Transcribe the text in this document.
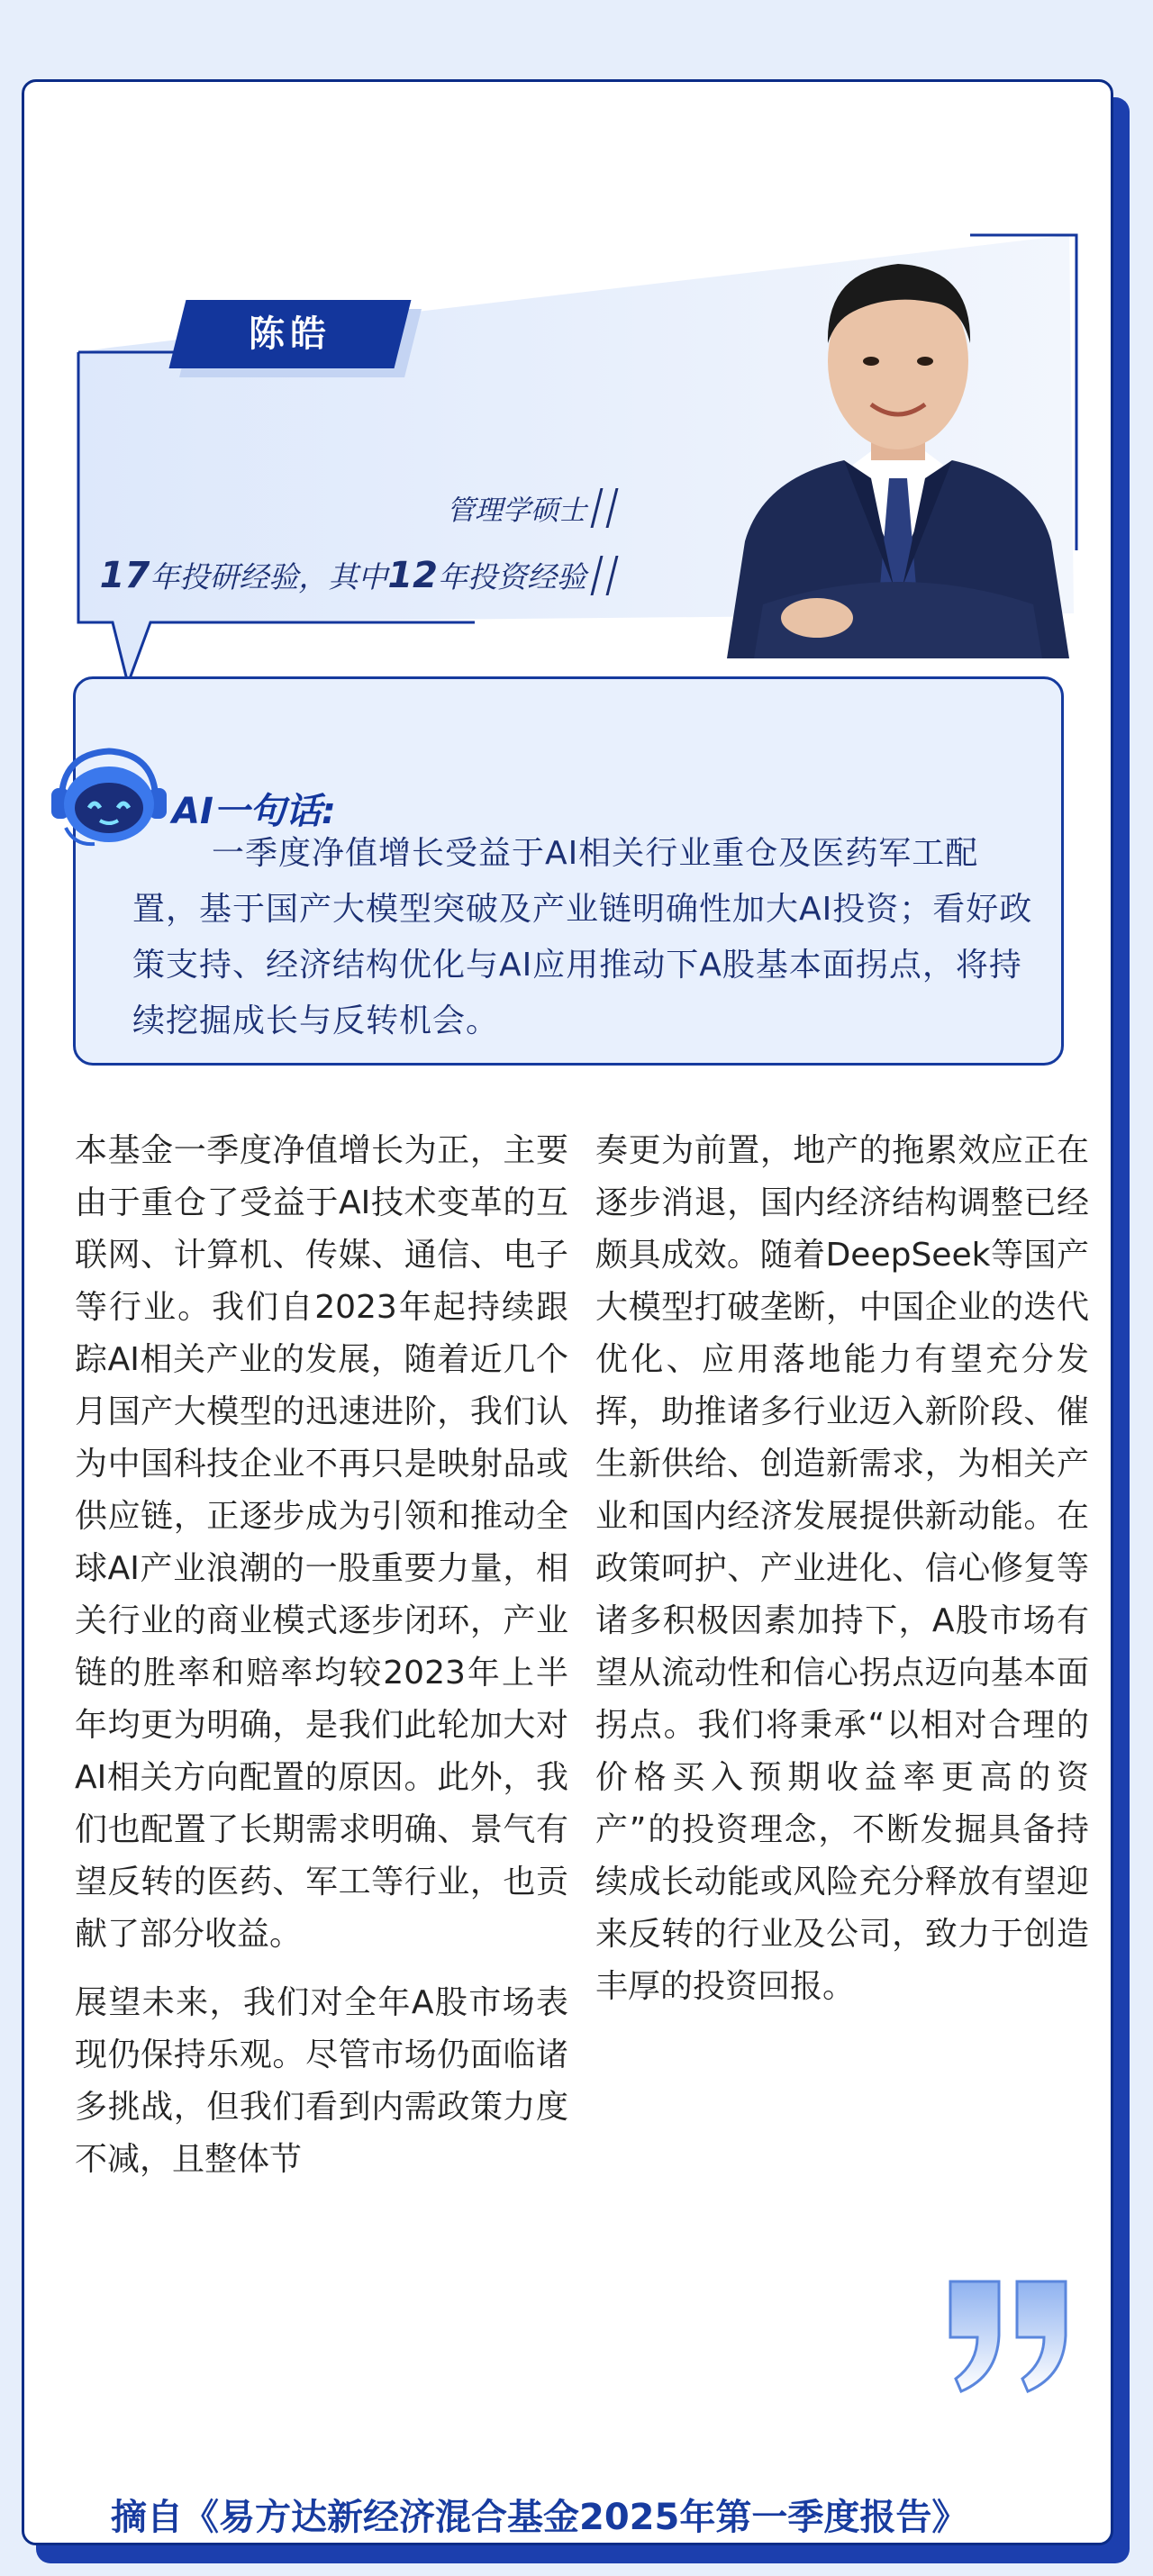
陈皓
管理学硕士
17 年投研经验，其中 12 年投资经验
AI一句话:
一季度净值增长受益于AI相关行业重仓及医药军工配置，基于国产大模型突破及产业链明确性加大AI投资；看好政策支持、经济结构优化与AI应用推动下A股基本面拐点，将持续挖掘成长与反转机会。

本基金一季度净值增长为正，主要由于重仓了受益于AI技术变革的互联网、计算机、传媒、通信、电子等行业。我们自2023年起持续跟踪AI相关产业的发展，随着近几个月国产大模型的迅速进阶，我们认为中国科技企业不再只是映射品或供应链，正逐步成为引领和推动全球AI产业浪潮的一股重要力量，相关行业的商业模式逐步闭环，产业链的胜率和赔率均较2023年上半年均更为明确，是我们此轮加大对AI相关方向配置的原因。此外，我们也配置了长期需求明确、景气有望反转的医药、军工等行业，也贡献了部分收益。

展望未来，我们对全年A股市场表现仍保持乐观。尽管市场仍面临诸多挑战，但我们看到内需政策力度不减，且整体节

奏更为前置，地产的拖累效应正在逐步消退，国内经济结构调整已经颇具成效。随着DeepSeek等国产大模型打破垄断，中国企业的迭代优化、应用落地能力有望充分发挥，助推诸多行业迈入新阶段、催生新供给、创造新需求，为相关产业和国内经济发展提供新动能。在政策呵护、产业进化、信心修复等诸多积极因素加持下，A股市场有望从流动性和信心拐点迈向基本面拐点。我们将秉承“以相对合理的价格买入预期收益率更高的资产”的投资理念，不断发掘具备持续成长动能或风险充分释放有望迎来反转的行业及公司，致力于创造丰厚的投资回报。

摘自《易方达新经济混合基金2025年第一季度报告》
